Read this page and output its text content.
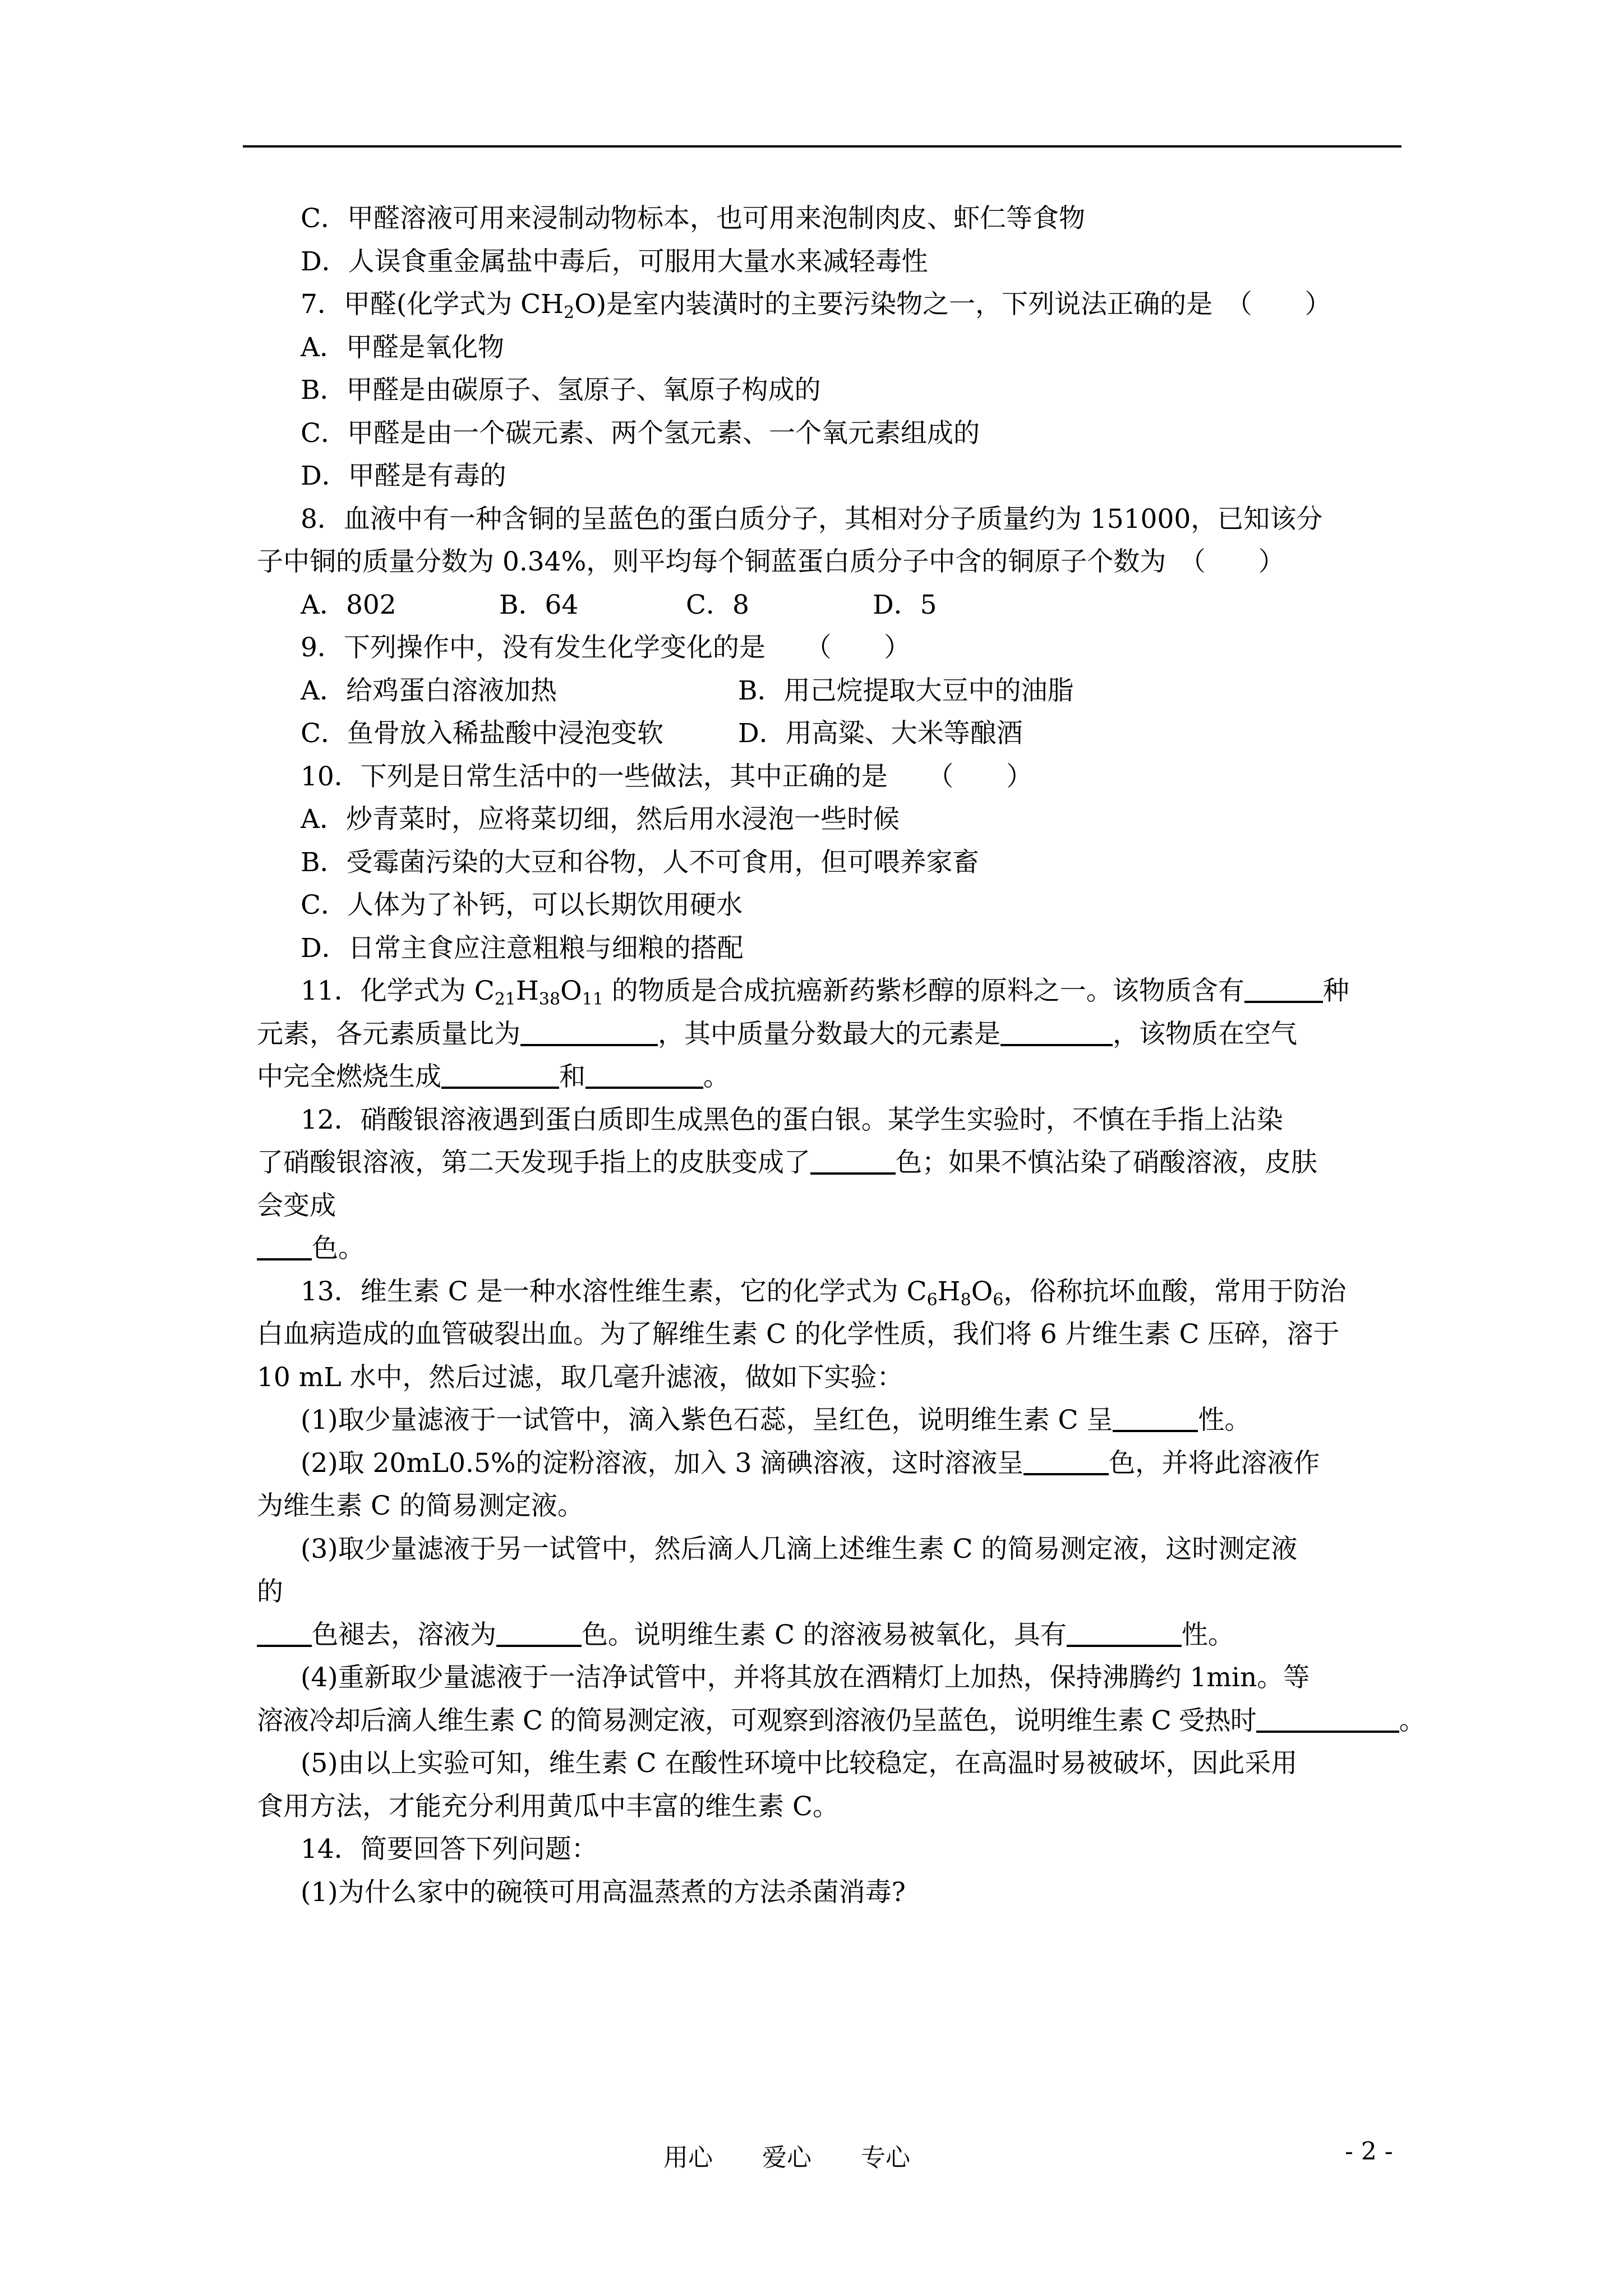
C．甲醛溶液可用来浸制动物标本，也可用来泡制肉皮、虾仁等食物
D．人误食重金属盐中毒后，可服用大量水来减轻毒性
7．甲醛(化学式为 $CH_2O$)是室内装潢时的主要污染物之一，下列说法正确的是　（　　）
A．甲醛是氧化物
B．甲醛是由碳原子、氢原子、氧原子构成的
C．甲醛是由一个碳元素、两个氢元素、一个氧元素组成的
D．甲醛是有毒的
8．血液中有一种含铜的呈蓝色的蛋白质分子，其相对分子质量约为 151000，已知该分
子中铜的质量分数为 0.34%，则平均每个铜蓝蛋白质分子中含的铜原子个数为　（　　）
A．802	B．64	C．8	D．5
9．下列操作中，没有发生化学变化的是　　（　　）
A．给鸡蛋白溶液加热	B．用己烷提取大豆中的油脂
C．鱼骨放入稀盐酸中浸泡变软	D．用高粱、大米等酿酒
10．下列是日常生活中的一些做法，其中正确的是　　（　　）
A．炒青菜时，应将菜切细，然后用水浸泡一些时候
B．受霉菌污染的大豆和谷物，人不可食用，但可喂养家畜
C．人体为了补钙，可以长期饮用硬水
D．日常主食应注意粗粮与细粮的搭配
11．化学式为 $C_{21}H_{38}O_{11}$ 的物质是合成抗癌新药紫杉醇的原料之一。该物质含有	种
元素，各元素质量比为	，其中质量分数最大的元素是	，该物质在空气
中完全燃烧生成	和	。
12．硝酸银溶液遇到蛋白质即生成黑色的蛋白银。某学生实验时，不慎在手指上沾染
了硝酸银溶液，第二天发现手指上的皮肤变成了	色；如果不慎沾染了硝酸溶液，皮肤
会变成
色。
13．维生素 C 是一种水溶性维生素，它的化学式为 $C_6H_8O_6$，俗称抗坏血酸，常用于防治
白血病造成的血管破裂出血。为了解维生素 C 的化学性质，我们将 6 片维生素 C 压碎，溶于
10 mL 水中，然后过滤，取几毫升滤液，做如下实验：
(1)取少量滤液于一试管中，滴入紫色石蕊，呈红色，说明维生素 C 呈	性。
(2)取 20mL0.5%的淀粉溶液，加入 3 滴碘溶液，这时溶液呈	色，并将此溶液作
为维生素 C 的简易测定液。
(3)取少量滤液于另一试管中，然后滴人几滴上述维生素 C 的简易测定液，这时测定液
的
色褪去，溶液为	色。说明维生素 C 的溶液易被氧化，具有	性。
(4)重新取少量滤液于一洁净试管中，并将其放在酒精灯上加热，保持沸腾约 1min。等
溶液冷却后滴人维生素 C 的简易测定液，可观察到溶液仍呈蓝色，说明维生素 C 受热时	。
(5)由以上实验可知，维生素 C 在酸性环境中比较稳定，在高温时易被破坏，因此采用
食用方法，才能充分利用黄瓜中丰富的维生素 C。
14．简要回答下列问题：
(1)为什么家中的碗筷可用高温蒸煮的方法杀菌消毒?
用心　　爱心　　专心	- 2 -
